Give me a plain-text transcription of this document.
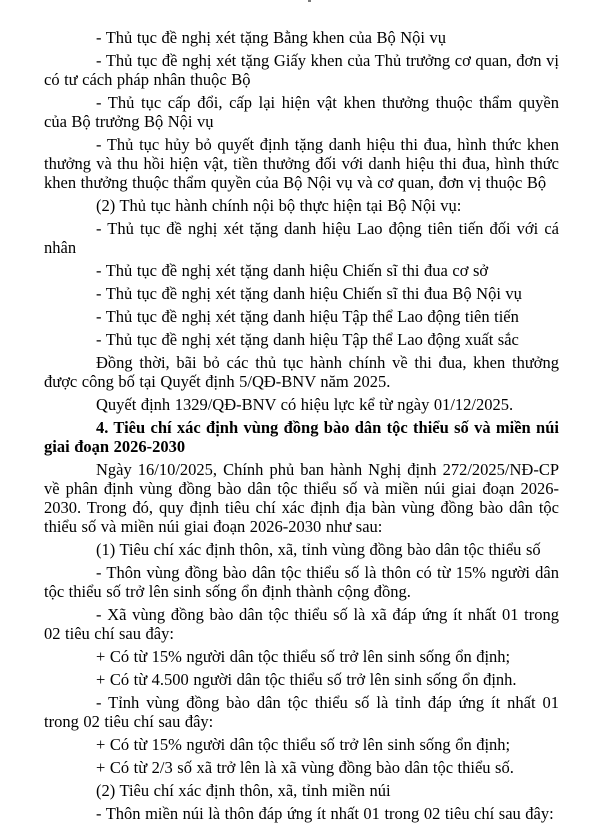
- Thủ tục đề nghị xét tặng Bằng khen của Bộ Nội vụ

- Thủ tục đề nghị xét tặng Giấy khen của Thủ trưởng cơ quan, đơn vị có tư cách pháp nhân thuộc Bộ

- Thủ tục cấp đổi, cấp lại hiện vật khen thưởng thuộc thẩm quyền của Bộ trưởng Bộ Nội vụ

- Thủ tục hủy bỏ quyết định tặng danh hiệu thi đua, hình thức khen thưởng và thu hồi hiện vật, tiền thưởng đối với danh hiệu thi đua, hình thức khen thưởng thuộc thẩm quyền của Bộ Nội vụ và cơ quan, đơn vị thuộc Bộ

(2) Thủ tục hành chính nội bộ thực hiện tại Bộ Nội vụ:

- Thủ tục đề nghị xét tặng danh hiệu Lao động tiên tiến đối với cá nhân

- Thủ tục đề nghị xét tặng danh hiệu Chiến sĩ thi đua cơ sở

- Thủ tục đề nghị xét tặng danh hiệu Chiến sĩ thi đua Bộ Nội vụ

- Thủ tục đề nghị xét tặng danh hiệu Tập thể Lao động tiên tiến

- Thủ tục đề nghị xét tặng danh hiệu Tập thể Lao động xuất sắc

Đồng thời, bãi bỏ các thủ tục hành chính về thi đua, khen thưởng được công bố tại Quyết định 5/QĐ-BNV năm 2025.

Quyết định 1329/QĐ-BNV có hiệu lực kể từ ngày 01/12/2025.

4. Tiêu chí xác định vùng đồng bào dân tộc thiểu số và miền núi giai đoạn 2026-2030

Ngày 16/10/2025, Chính phủ ban hành Nghị định 272/2025/NĐ-CP về phân định vùng đồng bào dân tộc thiểu số và miền núi giai đoạn 2026-2030. Trong đó, quy định tiêu chí xác định địa bàn vùng đồng bào dân tộc thiểu số và miền núi giai đoạn 2026-2030 như sau:

(1) Tiêu chí xác định thôn, xã, tỉnh vùng đồng bào dân tộc thiểu số

- Thôn vùng đồng bào dân tộc thiểu số là thôn có từ 15% người dân tộc thiểu số trở lên sinh sống ổn định thành cộng đồng.

- Xã vùng đồng bào dân tộc thiểu số là xã đáp ứng ít nhất 01 trong 02 tiêu chí sau đây:

+ Có từ 15% người dân tộc thiểu số trở lên sinh sống ổn định;

+ Có từ 4.500 người dân tộc thiểu số trở lên sinh sống ổn định.

- Tỉnh vùng đồng bào dân tộc thiểu số là tỉnh đáp ứng ít nhất 01 trong 02 tiêu chí sau đây:

+ Có từ 15% người dân tộc thiểu số trở lên sinh sống ổn định;

+ Có từ 2/3 số xã trở lên là xã vùng đồng bào dân tộc thiểu số.

(2) Tiêu chí xác định thôn, xã, tỉnh miền núi

- Thôn miền núi là thôn đáp ứng ít nhất 01 trong 02 tiêu chí sau đây:
